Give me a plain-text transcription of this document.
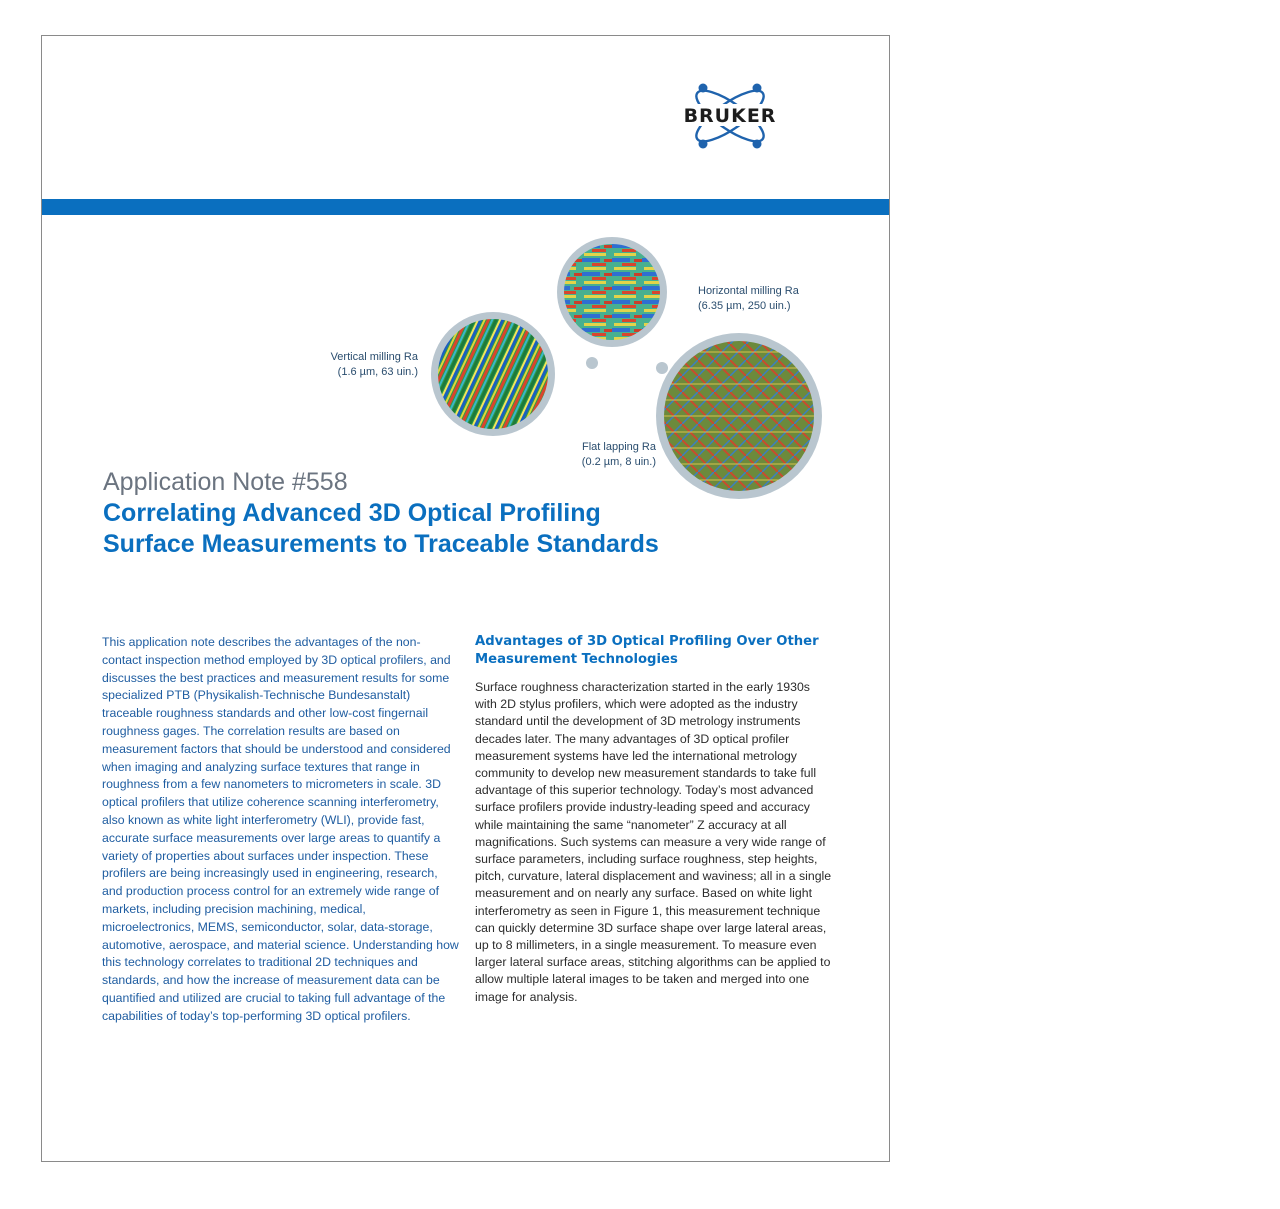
BRUKER
Vertical milling Ra
(1.6 µm, 63 uin.)
Horizontal milling Ra
(6.35 µm, 250 uin.)
Flat lapping Ra
(0.2 µm, 8 uin.)

Application Note #558

Correlating Advanced 3D Optical Profiling

Surface Measurements to Traceable Standards

This application note describes the advantages of the non-contact inspection method employed by 3D optical profilers, and discusses the best practices and measurement results for some specialized PTB (Physikalish-Technische Bundesanstalt) traceable roughness standards and other low-cost fingernail roughness gages. The correlation results are based on measurement factors that should be understood and considered when imaging and analyzing surface textures that range in roughness from a few nanometers to micrometers in scale. 3D optical profilers that utilize coherence scanning interferometry, also known as white light interferometry (WLI), provide fast, accurate surface measurements over large areas to quantify a variety of properties about surfaces under inspection. These profilers are being increasingly used in engineering, research, and production process control for an extremely wide range of markets, including precision machining, medical, microelectronics, MEMS, semiconductor, solar, data-storage, automotive, aerospace, and material science. Understanding how this technology correlates to traditional 2D techniques and standards, and how the increase of measurement data can be quantified and utilized are crucial to taking full advantage of the capabilities of today’s top-performing 3D optical profilers.

Advantages of 3D Optical Profiling Over Other Measurement Technologies

Surface roughness characterization started in the early 1930s with 2D stylus profilers, which were adopted as the industry standard until the development of 3D metrology instruments decades later. The many advantages of 3D optical profiler measurement systems have led the international metrology community to develop new measurement standards to take full advantage of this superior technology. Today’s most advanced surface profilers provide industry-leading speed and accuracy while maintaining the same “nanometer” Z accuracy at all magnifications. Such systems can measure a very wide range of surface parameters, including surface roughness, step heights, pitch, curvature, lateral displacement and waviness; all in a single measurement and on nearly any surface. Based on white light interferometry as seen in Figure 1, this measurement technique can quickly determine 3D surface shape over large lateral areas, up to 8 millimeters, in a single measurement. To measure even larger lateral surface areas, stitching algorithms can be applied to allow multiple lateral images to be taken and merged into one image for analysis.
